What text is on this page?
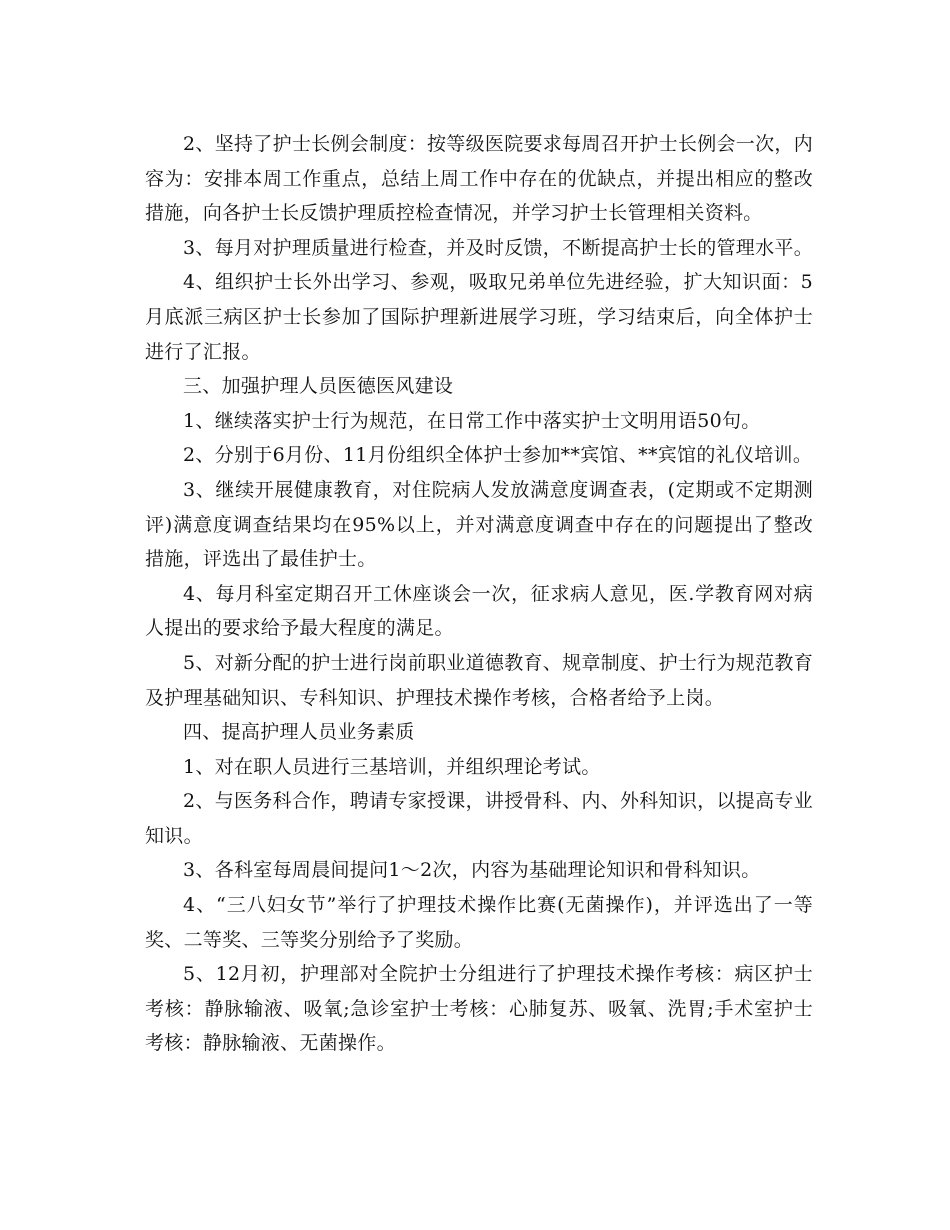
2、坚持了护士长例会制度：按等级医院要求每周召开护士长例会一次，内容为：安排本周工作重点，总结上周工作中存在的优缺点，并提出相应的整改措施，向各护士长反馈护理质控检查情况，并学习护士长管理相关资料。

3、每月对护理质量进行检查，并及时反馈，不断提高护士长的管理水平。

4、组织护士长外出学习、参观，吸取兄弟单位先进经验，扩大知识面：5月底派三病区护士长参加了国际护理新进展学习班，学习结束后，向全体护士进行了汇报。

三、加强护理人员医德医风建设

1、继续落实护士行为规范，在日常工作中落实护士文明用语50句。

2、分别于6月份、11月份组织全体护士参加**宾馆、**宾馆的礼仪培训。

3、继续开展健康教育，对住院病人发放满意度调查表，(定期或不定期测评)满意度调查结果均在95%以上，并对满意度调查中存在的问题提出了整改措施，评选出了最佳护士。

4、每月科室定期召开工休座谈会一次，征求病人意见，医.学教育网对病人提出的要求给予最大程度的满足。

5、对新分配的护士进行岗前职业道德教育、规章制度、护士行为规范教育及护理基础知识、专科知识、护理技术操作考核，合格者给予上岗。

四、提高护理人员业务素质

1、对在职人员进行三基培训，并组织理论考试。

2、与医务科合作，聘请专家授课，讲授骨科、内、外科知识，以提高专业知识。

3、各科室每周晨间提问1～2次，内容为基础理论知识和骨科知识。

4、“三八妇女节”举行了护理技术操作比赛(无菌操作)，并评选出了一等奖、二等奖、三等奖分别给予了奖励。

5、12月初，护理部对全院护士分组进行了护理技术操作考核：病区护士考核：静脉输液、吸氧;急诊室护士考核：心肺复苏、吸氧、洗胃;手术室护士考核：静脉输液、无菌操作。
